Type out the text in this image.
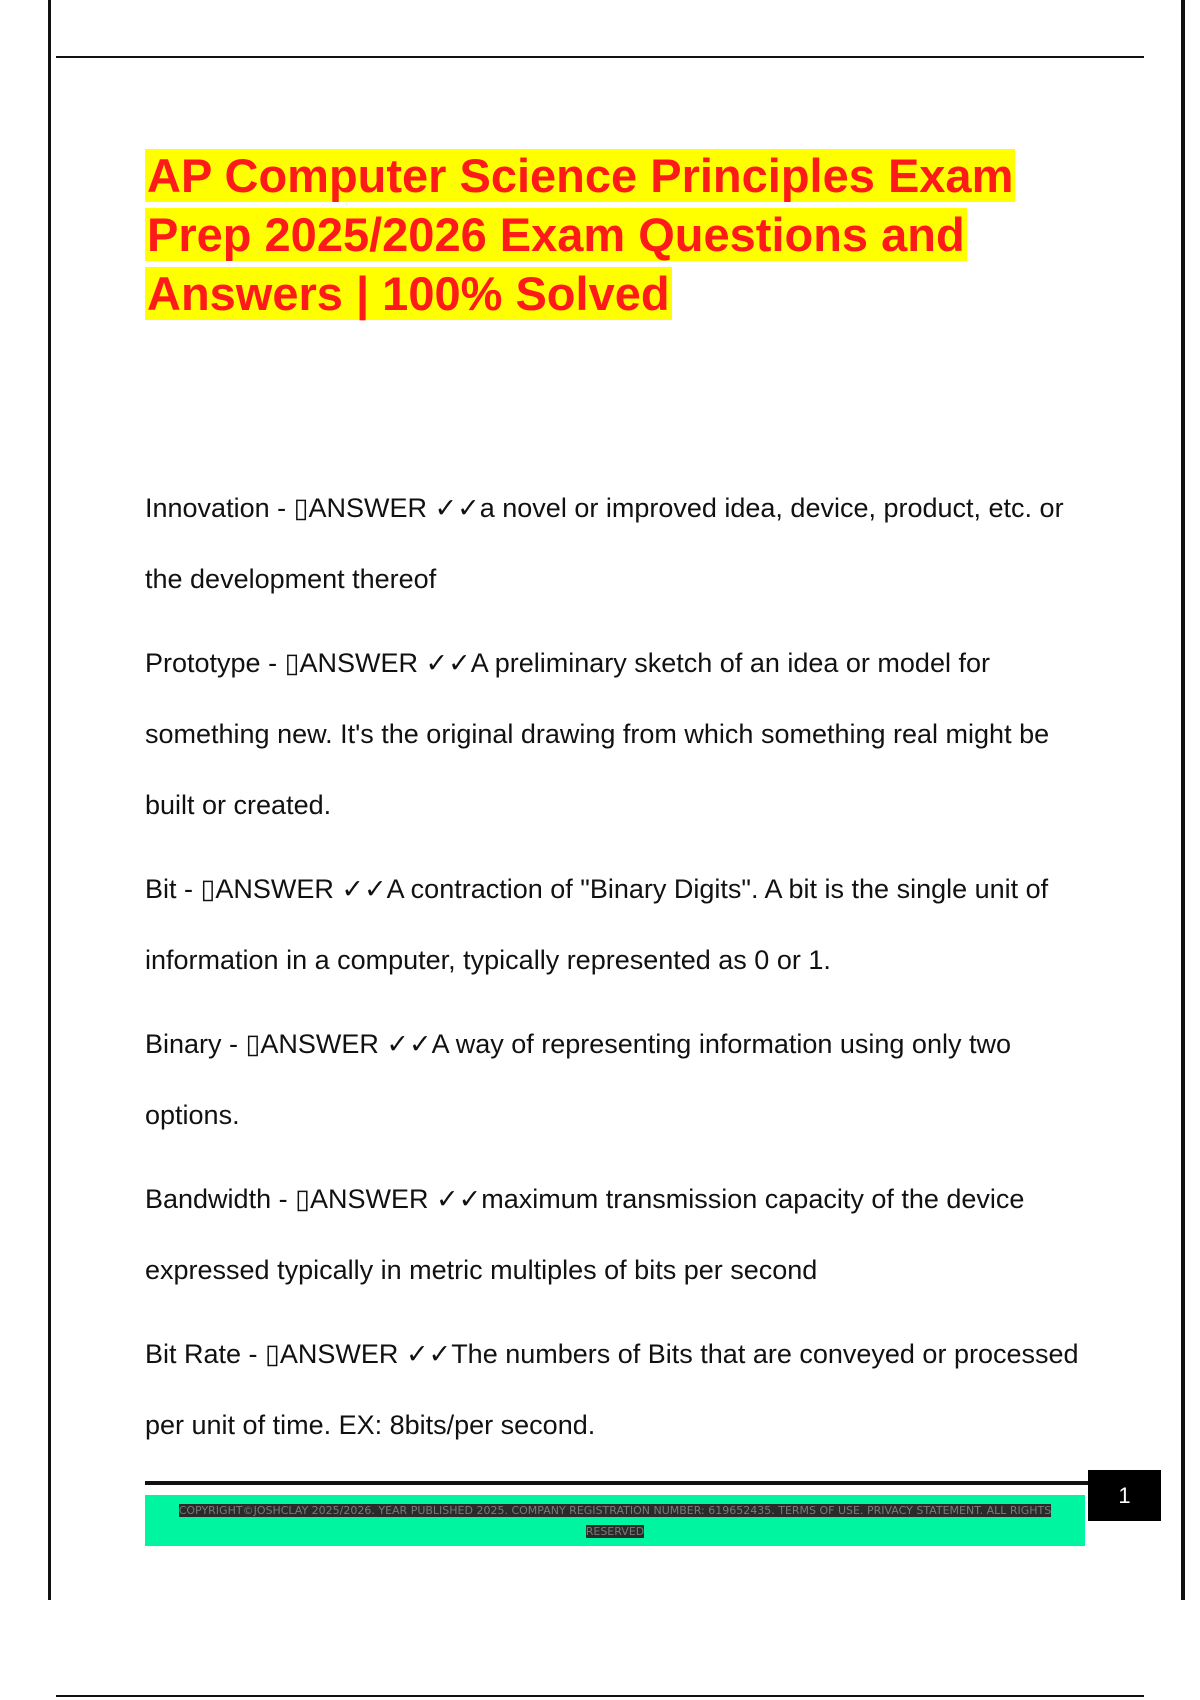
AP Computer Science Principles Exam
Prep 2025/2026 Exam Questions and
Answers | 100% Solved

Innovation - ▯ANSWER ✓✓a novel or improved idea, device, product, etc. or the development thereof

Prototype - ▯ANSWER ✓✓A preliminary sketch of an idea or model for something new. It's the original drawing from which something real might be built or created.

Bit - ▯ANSWER ✓✓A contraction of "Binary Digits". A bit is the single unit of information in a computer, typically represented as 0 or 1.

Binary - ▯ANSWER ✓✓A way of representing information using only two options.

Bandwidth - ▯ANSWER ✓✓maximum transmission capacity of the device expressed typically in metric multiples of bits per second

Bit Rate - ▯ANSWER ✓✓The numbers of Bits that are conveyed or processed per unit of time. EX: 8bits/per second.

COPYRIGHT©JOSHCLAY 2025/2026. YEAR PUBLISHED 2025. COMPANY REGISTRATION NUMBER: 619652435. TERMS OF USE. PRIVACY STATEMENT. ALL RIGHTS RESERVED
1
